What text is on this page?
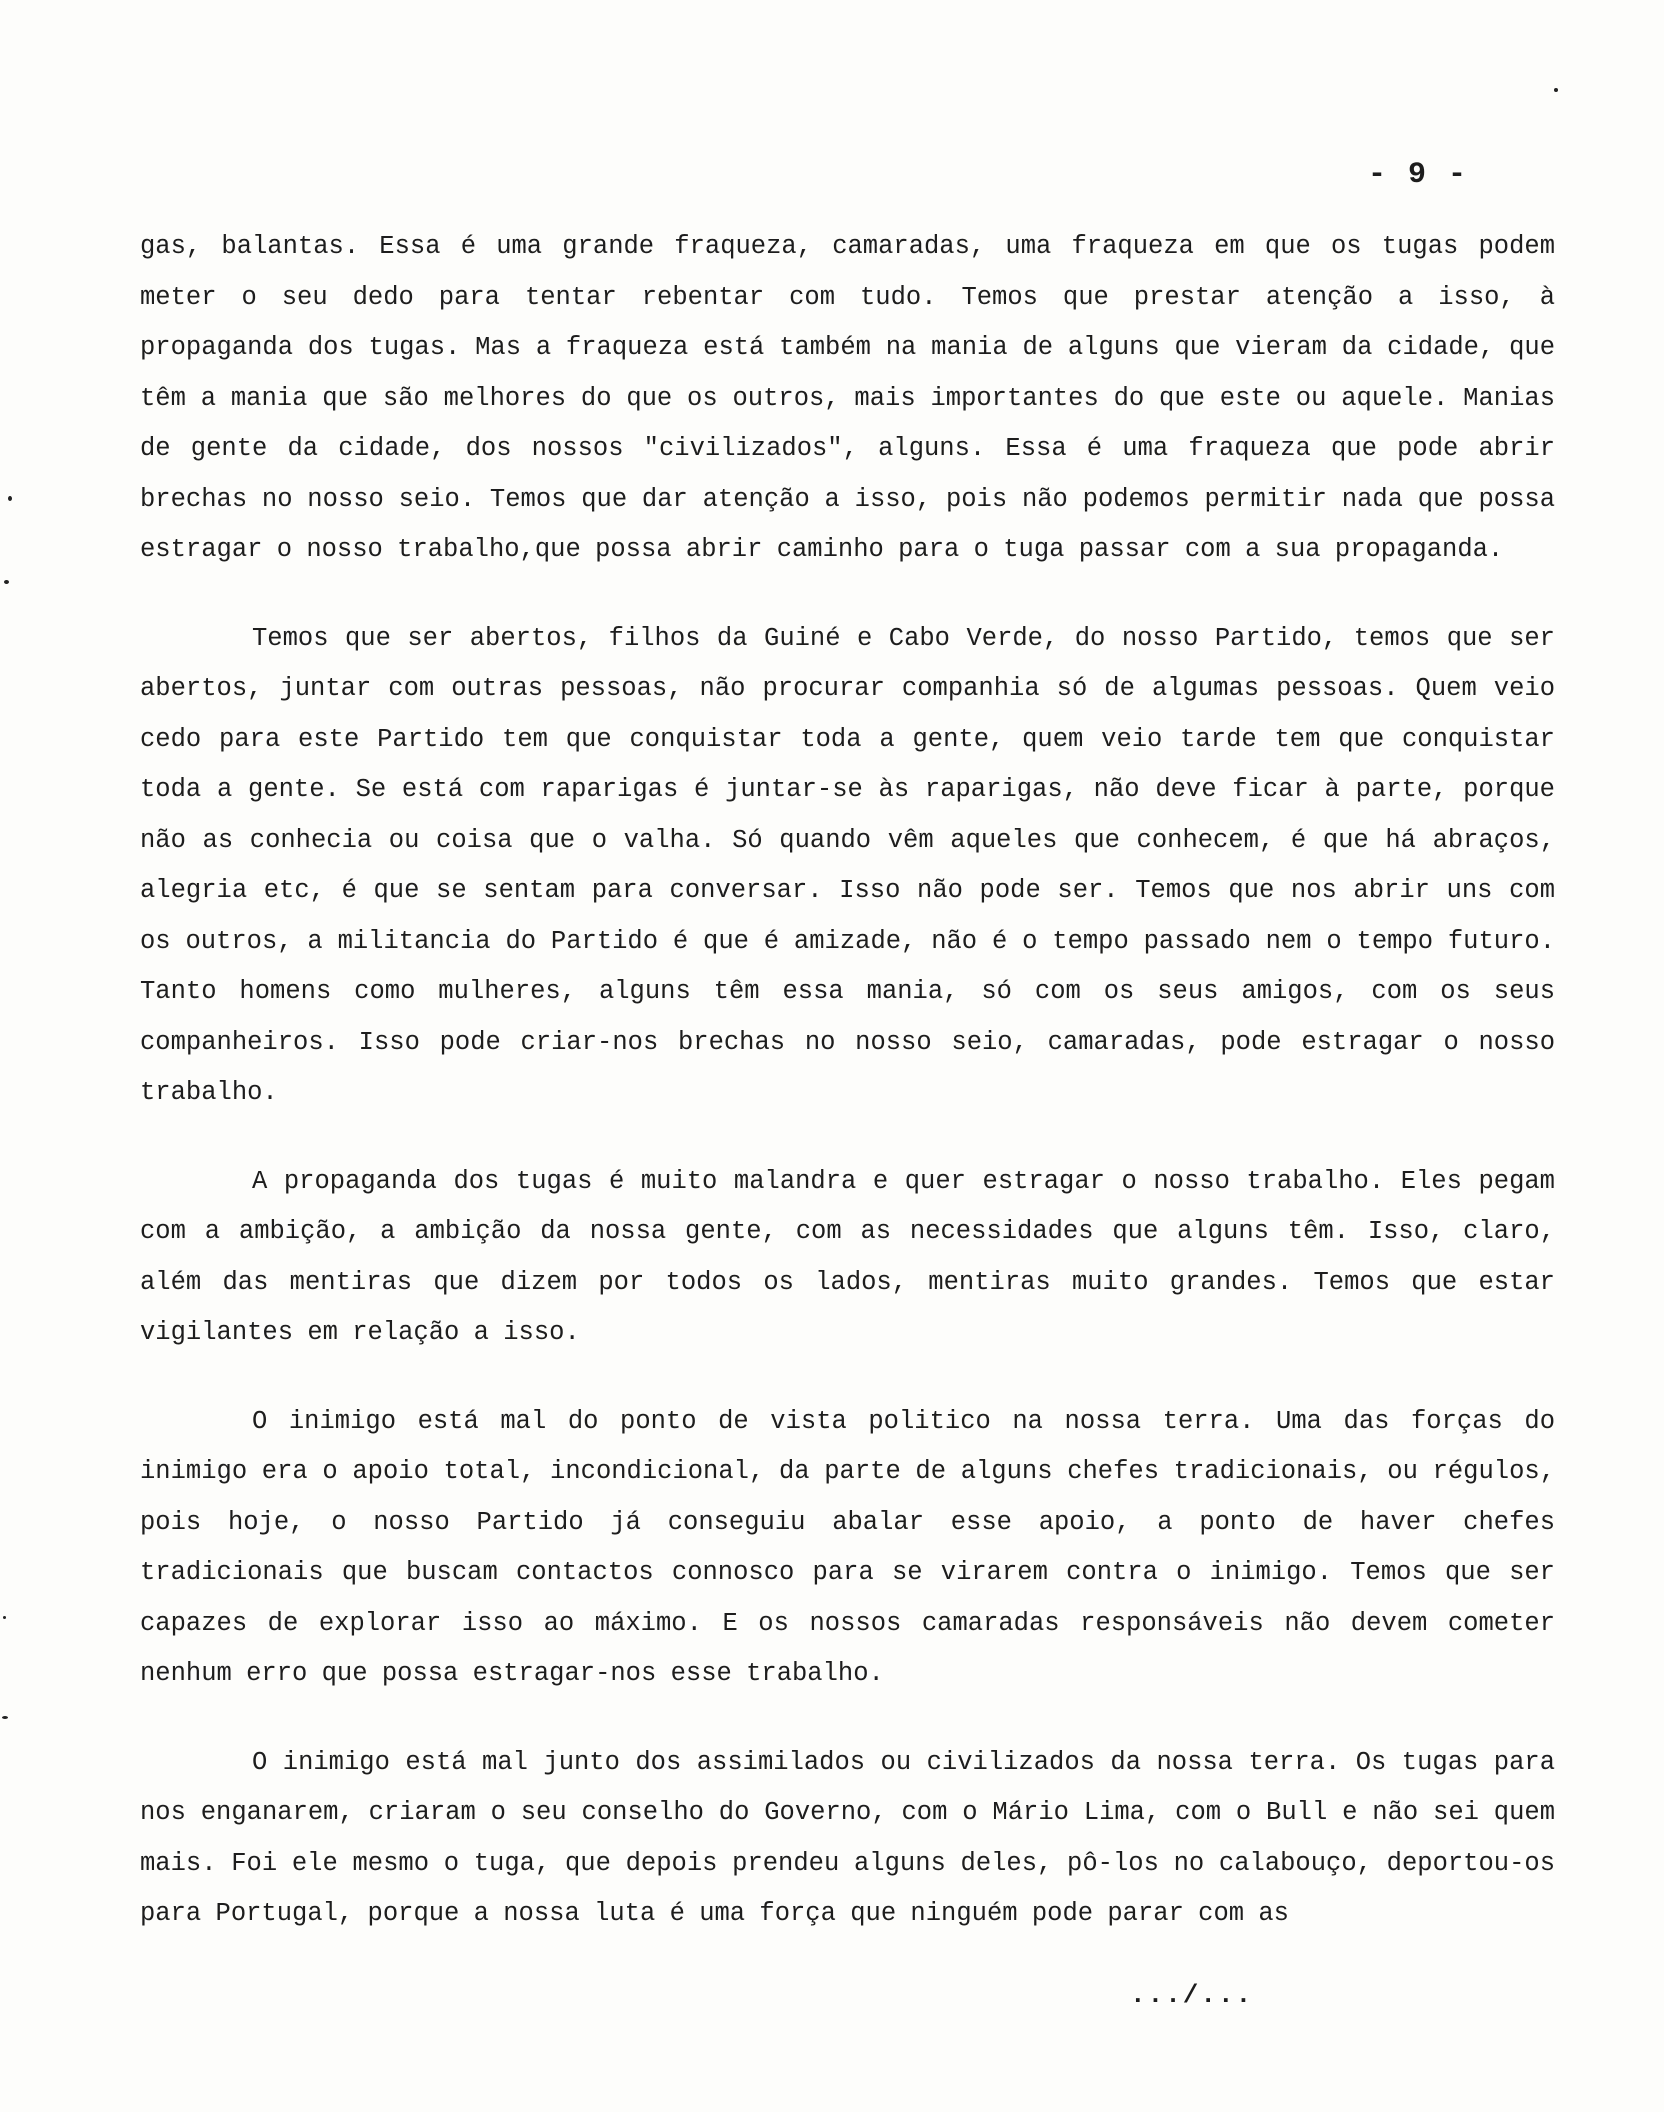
- 9 -

gas, balantas. Essa é uma grande fraqueza, camaradas, uma fraqueza em que os tugas podem meter o seu dedo para tentar rebentar com tudo. Temos que prestar atenção a isso, à propaganda dos tugas. Mas a fraqueza está também na mania de alguns que vieram da cidade, que têm a mania que são melhores do que os outros, mais importantes do que este ou aquele. Manias de gente da cidade, dos nossos "civilizados", alguns. Essa é uma fraqueza que pode abrir brechas no nosso seio. Temos que dar atenção a isso, pois não podemos permitir nada que possa estragar o nosso trabalho,que possa abrir caminho para o tuga passar com a sua propaganda.

Temos que ser abertos, filhos da Guiné e Cabo Verde, do nosso Partido, temos que ser abertos, juntar com outras pessoas, não procurar companhia só de algumas pessoas. Quem veio cedo para este Partido tem que conquistar toda a gente, quem veio tarde tem que conquistar toda a gente. Se está com raparigas é juntar-se às raparigas, não deve ficar à parte, porque não as conhecia ou coisa que o valha. Só quando vêm aqueles que conhecem, é que há abraços, alegria etc, é que se sentam para conversar. Isso não pode ser. Temos que nos abrir uns com os outros, a militancia do Partido é que é amizade, não é o tempo passado nem o tempo futuro. Tanto homens como mulheres, alguns têm essa mania, só com os seus amigos, com os seus companheiros. Isso pode criar-nos brechas no nosso seio, camaradas, pode estragar o nosso trabalho.

A propaganda dos tugas é muito malandra e quer estragar o nosso trabalho. Eles pegam com a ambição, a ambição da nossa gente, com as necessidades que alguns têm. Isso, claro, além das mentiras que dizem por todos os lados, mentiras muito grandes. Temos que estar vigilantes em relação a isso.

O inimigo está mal do ponto de vista politico na nossa terra. Uma das forças do inimigo era o apoio total, incondicional, da parte de alguns chefes tradicionais, ou régulos, pois hoje, o nosso Partido já conseguiu abalar esse apoio, a ponto de haver chefes tradicionais que buscam contactos connosco para se virarem contra o inimigo. Temos que ser capazes de explorar isso ao máximo. E os nossos camaradas responsáveis não devem cometer nenhum erro que possa estragar-nos esse trabalho.

O inimigo está mal junto dos assimilados ou civilizados da nossa terra. Os tugas para nos enganarem, criaram o seu conselho do Governo, com o Mário Lima, com o Bull e não sei quem mais. Foi ele mesmo o tuga, que depois prendeu alguns deles, pô-los no calabouço, deportou-os para Portugal, porque a nossa luta é uma força que ninguém pode parar com as

.../...
